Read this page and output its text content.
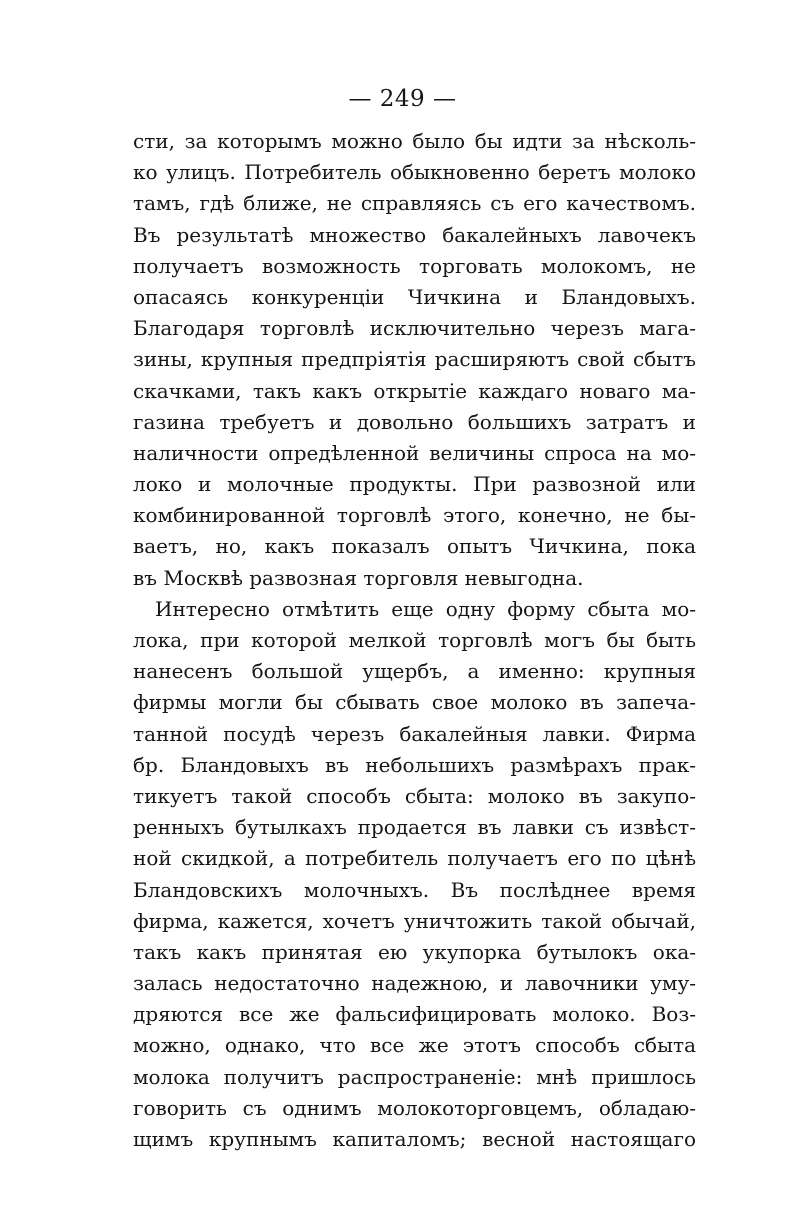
— 249 —
сти, за которымъ можно было бы идти за нѣсколь-
ко улицъ. Потребитель обыкновенно беретъ молоко
тамъ, гдѣ ближе, не справляясь съ его качествомъ.
Въ результатѣ множество бакалейныхъ лавочекъ
получаетъ возможность торговать молокомъ, не
опасаясь конкуренціи Чичкина и Бландовыхъ.
Благодаря торговлѣ исключительно черезъ мага-
зины, крупныя предпріятія расширяютъ свой сбытъ
скачками, такъ какъ открытіе каждаго новаго ма-
газина требуетъ и довольно большихъ затратъ и
наличности опредѣленной величины спроса на мо-
локо и молочные продукты. При развозной или
комбинированной торговлѣ этого, конечно, не бы-
ваетъ, но, какъ показалъ опытъ Чичкина, пока
въ Москвѣ развозная торговля невыгодна.
Интересно отмѣтить еще одну форму сбыта мо-
лока, при которой мелкой торговлѣ могъ бы быть
нанесенъ большой ущербъ, а именно: крупныя
фирмы могли бы сбывать свое молоко въ запеча-
танной посудѣ черезъ бакалейныя лавки. Фирма
бр. Бландовыхъ въ небольшихъ размѣрахъ прак-
тикуетъ такой способъ сбыта: молоко въ закупо-
ренныхъ бутылкахъ продается въ лавки съ извѣст-
ной скидкой, а потребитель получаетъ его по цѣнѣ
Бландовскихъ молочныхъ. Въ послѣднее время
фирма, кажется, хочетъ уничтожить такой обычай,
такъ какъ принятая ею укупорка бутылокъ ока-
залась недостаточно надежною, и лавочники уму-
дряются все же фальсифицировать молоко. Воз-
можно, однако, что все же этотъ способъ сбыта
молока получитъ распространеніе: мнѣ пришлось
говорить съ однимъ молокоторговцемъ, обладаю-
щимъ крупнымъ капиталомъ; весной настоящаго
